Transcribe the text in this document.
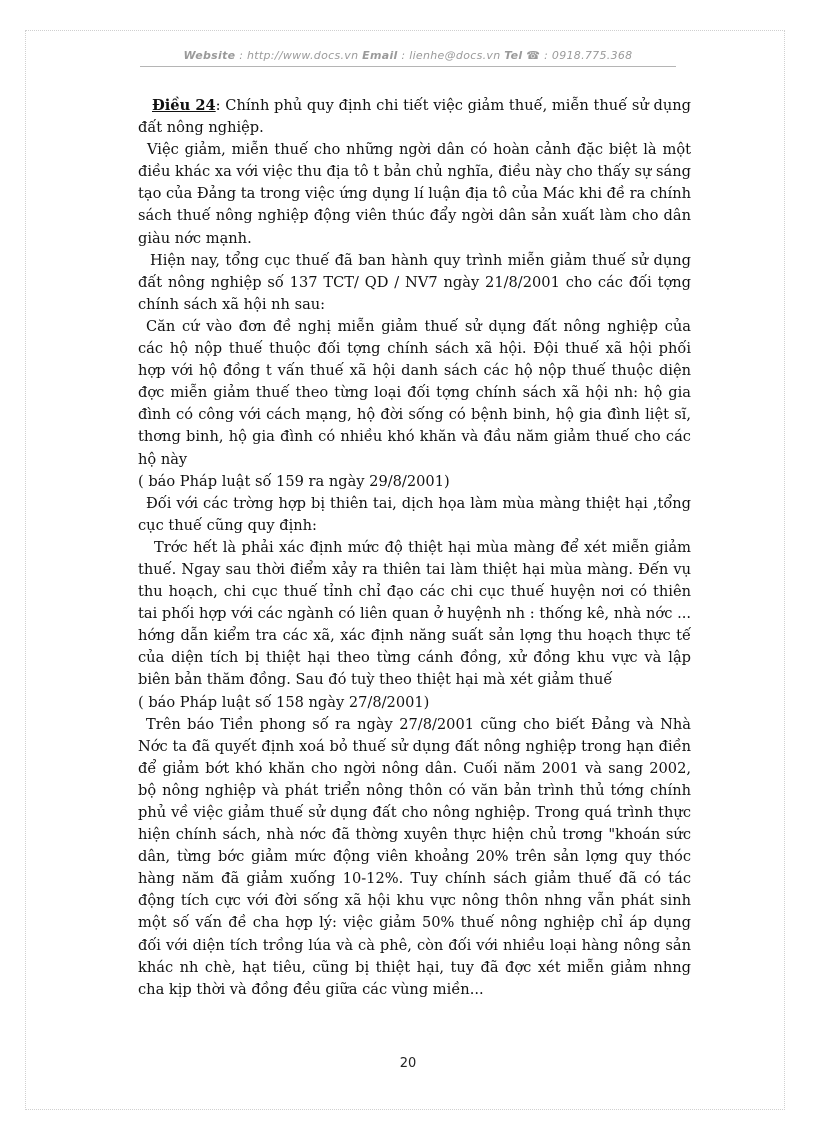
Website : http://www.docs.vn Email : lienhe@docs.vn Tel ☎ : 0918.775.368

Điều 24: Chính phủ quy định chi tiết việc giảm thuế, miễn thuế sử dụng đất nông nghiệp.

Việc giảm, miễn thuế cho những ngời dân có hoàn cảnh đặc biệt là một điều khác xa với việc thu địa tô t bản chủ nghĩa, điều này cho thấy sự sáng tạo của Đảng ta trong việc ứng dụng lí luận địa tô của Mác khi đề ra chính sách thuế nông nghiệp động viên thúc đẩy ngời dân sản xuất làm cho dân giàu nớc mạnh.

Hiện nay, tổng cục thuế đã ban hành quy trình miễn giảm thuế sử dụng đất nông nghiệp số 137 TCT/ QD / NV7 ngày 21/8/2001 cho các đối tợng chính sách xã hội nh sau:

Căn cứ vào đơn đề nghị miễn giảm thuế sử dụng đất nông nghiệp của các hộ nộp thuế thuộc đối tợng chính sách xã hội. Đội thuế xã hội phối hợp với hộ đồng t vấn thuế xã hội danh sách các hộ nộp thuế thuộc diện đợc miễn giảm thuế theo từng loại đối tợng chính sách xã hội nh: hộ gia đình có công với cách mạng, hộ đời sống có bệnh binh, hộ gia đình liệt sĩ, thơng binh, hộ gia đình có nhiều khó khăn và đầu năm giảm thuế cho các hộ này

( báo Pháp luật số 159 ra ngày 29/8/2001)

Đối với các trờng hợp bị thiên tai, dịch họa làm mùa màng thiệt hại ,tổng cục thuế cũng quy định:

Trớc hết là phải xác định mức độ thiệt hại mùa màng để xét miễn giảm thuế. Ngay sau thời điểm xảy ra thiên tai làm thiệt hại mùa màng. Đến vụ thu hoạch, chi cục thuế tỉnh chỉ đạo các chi cục thuế huyện nơi có thiên tai phối hợp với các ngành có liên quan ở huyệnh nh : thống kê, nhà nớc ... hớng dẫn kiểm tra các xã, xác định năng suất sản lợng thu hoạch thực tế của diện tích bị thiệt hại theo từng cánh đồng, xử đồng khu vực và lập biên bản thăm đồng. Sau đó tuỳ theo thiệt hại mà xét giảm thuế

( báo Pháp luật số 158 ngày 27/8/2001)

Trên báo Tiền phong số ra ngày 27/8/2001 cũng cho biết Đảng và Nhà Nớc ta đã quyết định xoá bỏ thuế sử dụng đất nông nghiệp trong hạn điền để giảm bớt khó khăn cho ngời nông dân. Cuối năm 2001 và sang 2002, bộ nông nghiệp và phát triển nông thôn có văn bản trình thủ tớng chính phủ về việc giảm thuế sử dụng đất cho nông nghiệp. Trong quá trình thực hiện chính sách, nhà nớc đã thờng xuyên thực hiện chủ trơng "khoán sức dân, từng bớc giảm mức động viên khoảng 20% trên sản lợng quy thóc hàng năm đã giảm xuống 10-12%. Tuy chính sách giảm thuế đã có tác động tích cực với đời sống xã hội khu vực nông thôn nhng vẫn phát sinh một số vấn đề cha hợp lý: việc giảm 50% thuế nông nghiệp chỉ áp dụng đối với diện tích trồng lúa và cà phê, còn đối với nhiều loại hàng nông sản khác nh chè, hạt tiêu, cũng bị thiệt hại, tuy đã đợc xét miễn giảm nhng cha kịp thời và đồng đều giữa các vùng miền...

20
